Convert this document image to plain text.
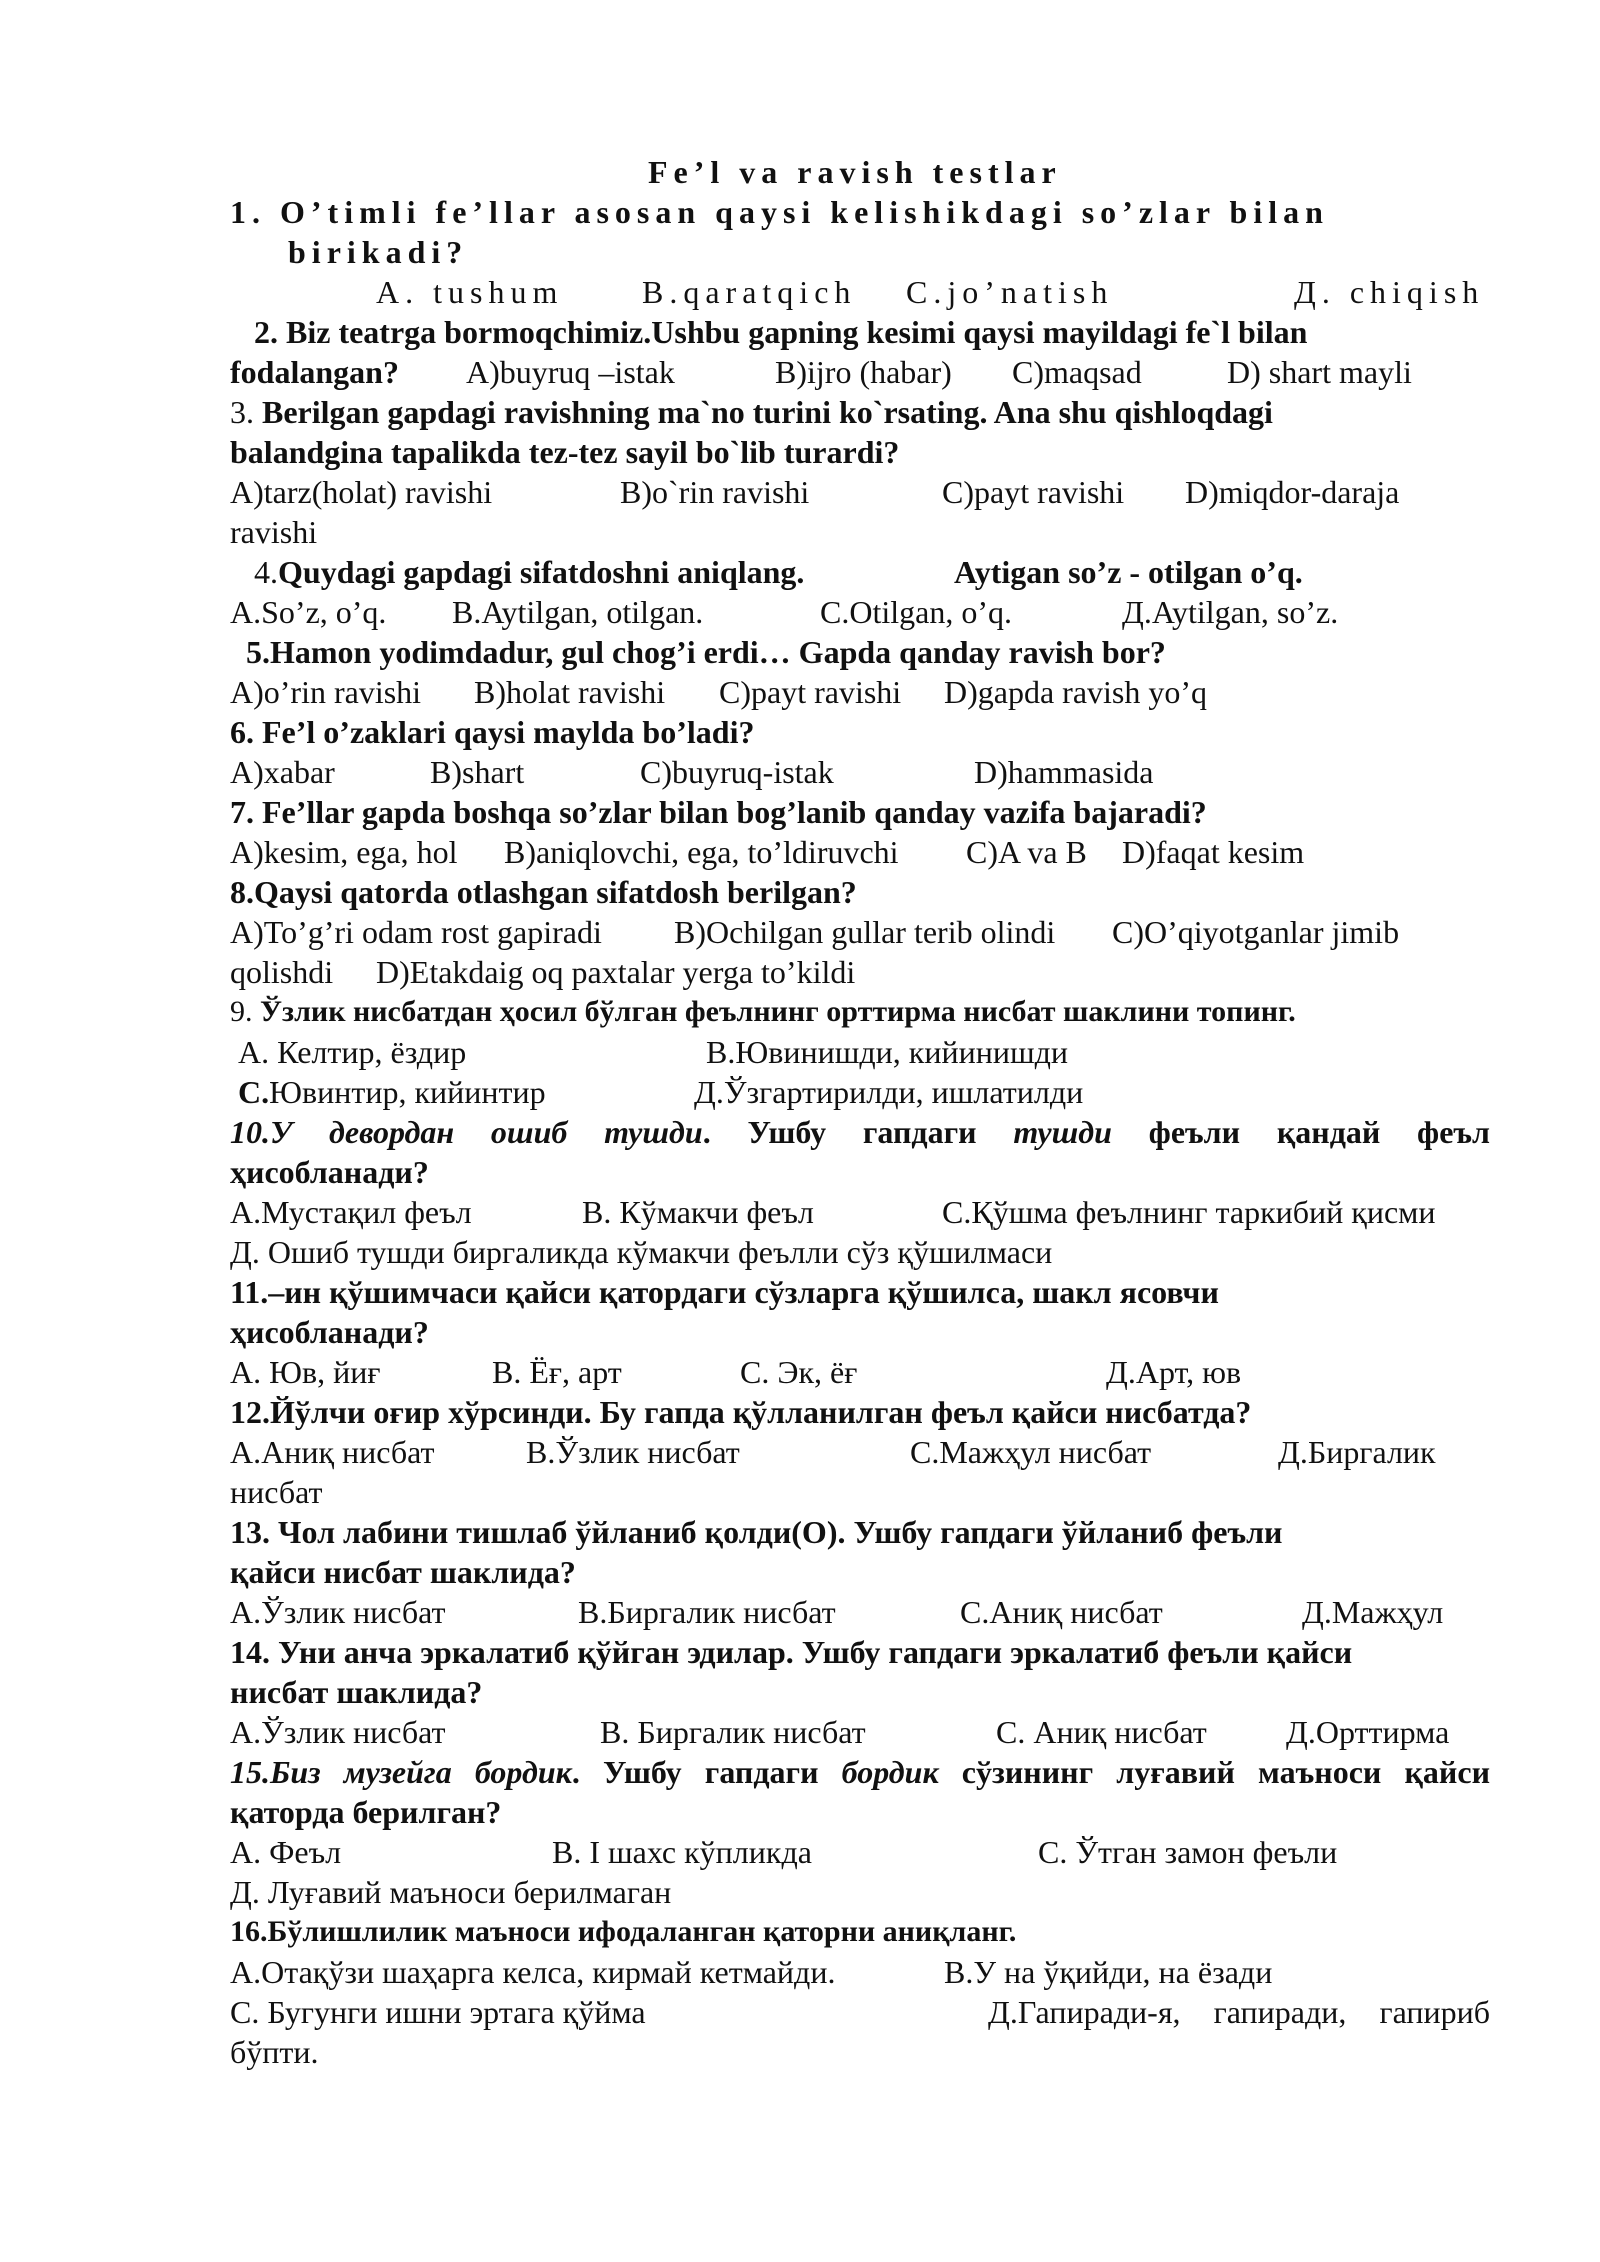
Fe’l va ravish testlar
1. O’timli fe’llar asosan qaysi kelishikdagi so’zlar bilan
birikadi?
A. tushum B.qaratqich C.jo’natish	Д. chiqish
2. Biz teatrga bormoqchimiz.Ushbu gapning kesimi qaysi mayildagi fe`l bilan
fodalangan? A)buyruq –istak	B)ijro (habar) C)maqsad	D) shart mayli
3. Berilgan gapdagi ravishning ma`no turini ko`rsating. Ana shu qishloqdagi
balandgina tapalikda tez-tez sayil bo`lib turardi?
A)tarz(holat) ravishi	B)o`rin ravishi	C)payt ravishi D)miqdor-daraja
ravishi
4.Quydagi gapdagi sifatdoshni aniqlang.	Aytigan so’z - otilgan o’q.
A.So’z, o’q. B.Aytilgan, otilgan.	C.Otilgan, o’q.	Д.Aytilgan, so’z.
5.Hamon yodimdadur, gul chog’i erdi… Gapda qanday ravish bor?
A)o’rin ravishi B)holat ravishi C)payt ravishi D)gapda ravish yo’q
6. Fe’l o’zaklari qaysi maylda bo’ladi?
A)xabar	B)shart	C)buyruq-istak	D)hammasida
7. Fe’llar gapda boshqa so’zlar bilan bog’lanib qanday vazifa bajaradi?
A)kesim, ega, hol B)aniqlovchi, ega, to’ldiruvchi C)A va B D)faqat kesim
8.Qaysi qatorda otlashgan sifatdosh berilgan?
A)To’g’ri odam rost gapiradi B)Ochilgan gullar terib olindi C)O’qiyotganlar jimib
qolishdi D)Etakdaig oq paxtalar yerga to’kildi
9. Ўзлик нисбатдан ҳосил бўлган феълнинг орттирма нисбат шаклини топинг.
A. Келтир, ёздир	B.Ювинишди, кийинишди
C.Ювинтир, кийинтир	Д.Ўзгартирилди, ишлатилди
10.У девордан ошиб тушди. Ушбу гапдаги тушди феъли қандай феъл
ҳисобланади?
A.Мустақил феъл	B. Кўмакчи феъл	C.Қўшма феълнинг таркибий қисми
Д. Ошиб тушди биргаликда кўмакчи феълли сўз қўшилмаси
11.–ин қўшимчаси қайси қатордаги сўзларга қўшилса, шакл ясовчи
ҳисобланади?
A. Юв, йиғ	B. Ёғ, арт	C. Эк, ёғ	Д.Арт, юв
12.Йўлчи оғир хўрсинди. Бу гапда қўлланилган феъл қайси нисбатда?
A.Аниқ нисбат	B.Ўзлик нисбат	C.Мажҳул нисбат	Д.Биргалик
нисбат
13. Чол лабини тишлаб ўйланиб қолди(О). Ушбу гапдаги ўйланиб феъли
қайси нисбат шаклида?
A.Ўзлик нисбат	B.Биргалик нисбат	C.Аниқ нисбат	Д.Мажҳул
14. Уни анча эркалатиб қўйган эдилар. Ушбу гапдаги эркалатиб феъли қайси
нисбат шаклида?
A.Ўзлик нисбат	B. Биргалик нисбат	C. Аниқ нисбат Д.Орттирма
15.Биз музейга бордик. Ушбу гапдаги бордик сўзининг луғавий маъноси қайси
қаторда берилган?
A. Феъл	B. I шахс кўпликда	C. Ўтган замон феъли
Д. Луғавий маъноси берилмаган
16.Бўлишлилик маъноси ифодаланган қаторни аниқланг.
A.Отақўзи шаҳарга келса, кирмай кетмайди.	B.У на ўқийди, на ёзади
C. Бугунги ишни эртага қўйма	Д.Гапиради-я, гапиради, гапириб
бўпти.
